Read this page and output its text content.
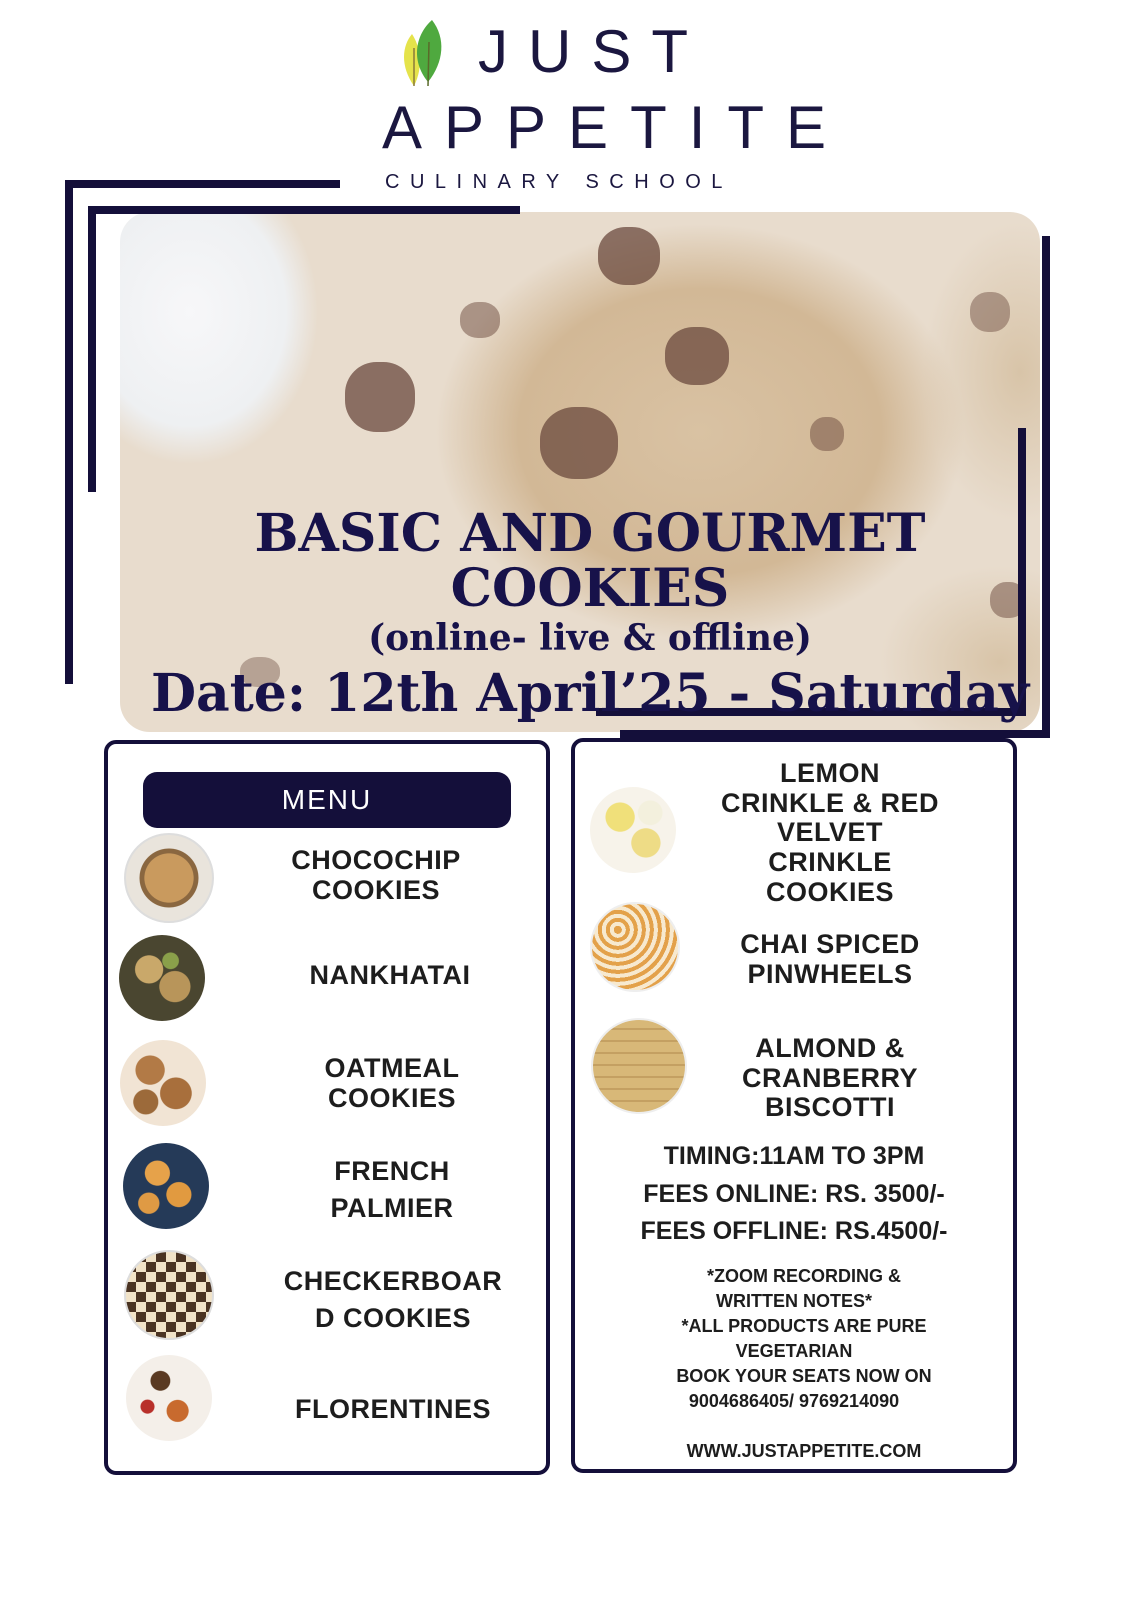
JUST
APPETITE
CULINARY SCHOOL
BASIC AND GOURMET
COOKIES
(online- live & offline)
Date: 12th April’25 - Saturday
MENU
CHOCOCHIP
COOKIES
NANKHATAI
OATMEAL
COOKIES
FRENCH
PALMIER
CHECKERBOAR
D COOKIES
FLORENTINES
LEMON
CRINKLE & RED
VELVET
CRINKLE
COOKIES
CHAI SPICED
PINWHEELS
ALMOND &
CRANBERRY
BISCOTTI
TIMING:11AM TO 3PM
FEES ONLINE: RS. 3500/-
FEES OFFLINE: RS.4500/-
*ZOOM RECORDING &
WRITTEN NOTES*
*ALL PRODUCTS ARE PURE
VEGETARIAN
BOOK YOUR SEATS NOW ON
9004686405/ 9769214090
WWW.JUSTAPPETITE.COM
